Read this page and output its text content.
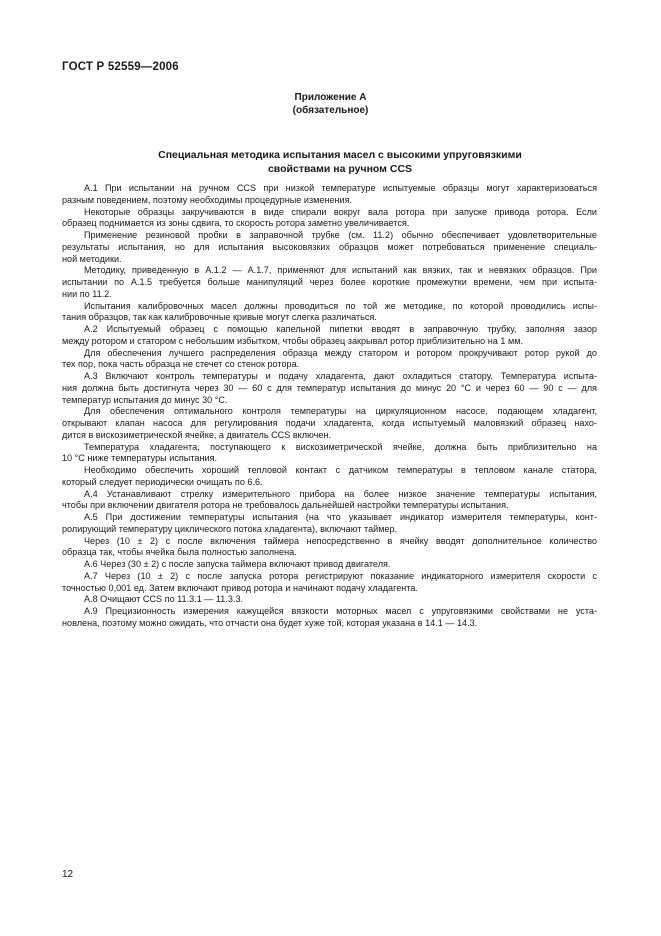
ГОСТ Р 52559—2006
Приложение А
(обязательное)
Специальная методика испытания масел с высокими упруговязкими
свойствами на ручном CCS
А.1 При испытании на ручном CCS при низкой температуре испытуемые образцы могут характеризоваться
разным поведением, поэтому необходимы процедурные изменения.
Некоторые образцы закручиваются в виде спирали вокруг вала ротора при запуске привода ротора. Если
образец поднимается из зоны сдвига, то скорость ротора заметно увеличивается.
Применение резиновой пробки в заправочной трубке (см. 11.2) обычно обеспечивает удовлетворительные
результаты испытания, но для испытания высоковязких образцов может потребоваться применение специаль-
ной методики.
Методику, приведенную в А.1.2 — А.1.7, применяют для испытаний как вязких, так и невязких образцов. При
испытании по А.1.5 требуется больше манипуляций через более короткие промежутки времени, чем при испыта-
нии по 11.2.
Испытания калибровочных масел должны проводиться по той же методике, по которой проводились испы-
тания образцов, так как калибровочные кривые могут слегка различаться.
А.2 Испытуемый образец с помощью капельной пипетки вводят в заправочную трубку, заполняя зазор
между ротором и статором с небольшим избытком, чтобы образец закрывал ротор приблизительно на 1 мм.
Для обеспечения лучшего распределения образца между статором и ротором прокручивают ротор рукой до
тех пор, пока часть образца не стечет со стенок ротора.
А.3 Включают контроль температуры и подачу хладагента, дают охладиться статору. Температура испыта-
ния должна быть достигнута через 30 — 60 с для температур испытания до минус 20 °С и через 60 — 90 с — для
температур испытания до минус 30 °С.
Для обеспечения оптимального контроля температуры на циркуляционном насосе, подающем хладагент,
открывают клапан насоса для регулирования подачи хладагента, когда испытуемый маловязкий образец нахо-
дится в вискозиметрической ячейке, а двигатель CCS включен.
Температура хладагента, поступающего к вискозиметрической ячейке, должна быть приблизительно на
10 °С ниже температуры испытания.
Необходимо обеспечить хороший тепловой контакт с датчиком температуры в тепловом канале статора,
который следует периодически очищать по 6.6.
А.4 Устанавливают стрелку измерительного прибора на более низкое значение температуры испытания,
чтобы при включении двигателя ротора не требовалось дальнейшей настройки температуры испытания.
А.5 При достижении температуры испытания (на что указывает индикатор измерителя температуры, конт-
ролирующий температуру циклического потока хладагента), включают таймер.
Через (10 ± 2) с после включения таймера непосредственно в ячейку вводят дополнительное количество
образца так, чтобы ячейка была полностью заполнена.
А.6 Через (30 ± 2) с после запуска таймера включают привод двигателя.
А.7 Через (10 ± 2) с после запуска ротора регистрируют показание индикаторного измерителя скорости с
точностью 0,001 ед. Затем включают привод ротора и начинают подачу хладагента.
А.8 Очищают CCS по 11.3.1 — 11.3.3.
А.9 Прецизионность измерения кажущейся вязкости моторных масел с упруговязкими свойствами не уста-
новлена, поэтому можно ожидать, что отчасти она будет хуже той, которая указана в 14.1 — 14.3.
12
